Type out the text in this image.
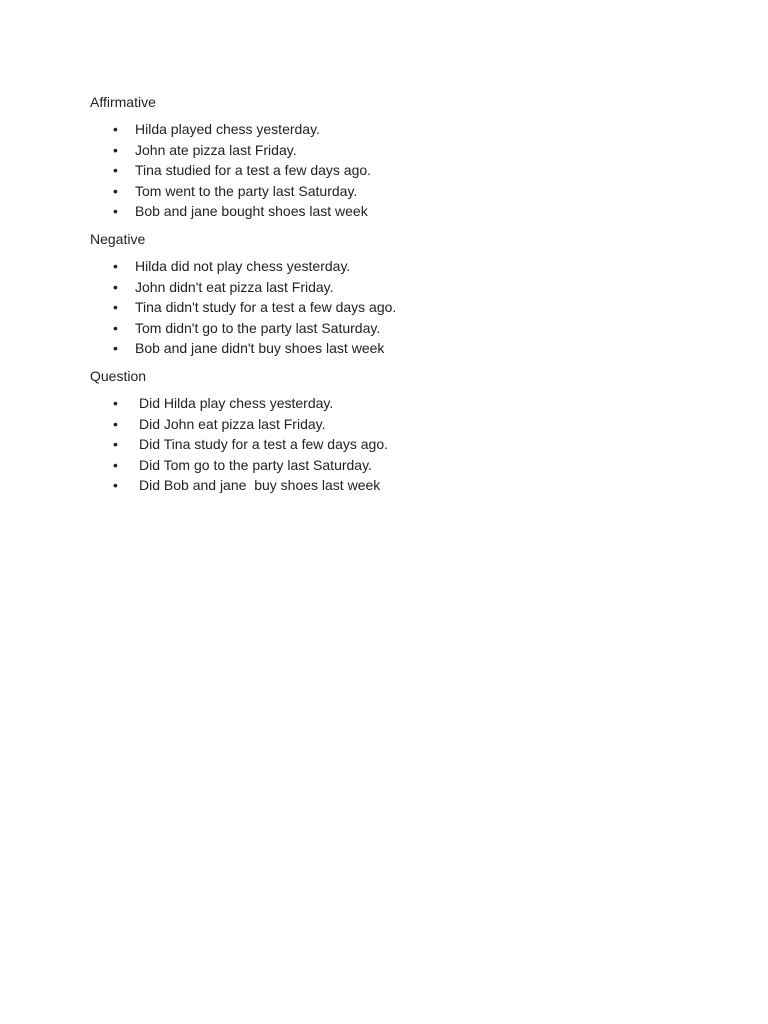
Affirmative

• Hilda played chess yesterday.
• John ate pizza last Friday.
• Tina studied for a test a few days ago.
• Tom went to the party last Saturday.
• Bob and jane bought shoes last week

Negative

• Hilda did not play chess yesterday.
• John didn't eat pizza last Friday.
• Tina didn't study for a test a few days ago.
• Tom didn't go to the party last Saturday.
• Bob and jane didn't buy shoes last week

Question

• Did Hilda play chess yesterday.
• Did John eat pizza last Friday.
• Did Tina study for a test a few days ago.
• Did Tom go to the party last Saturday.
• Did Bob and jane  buy shoes last week
